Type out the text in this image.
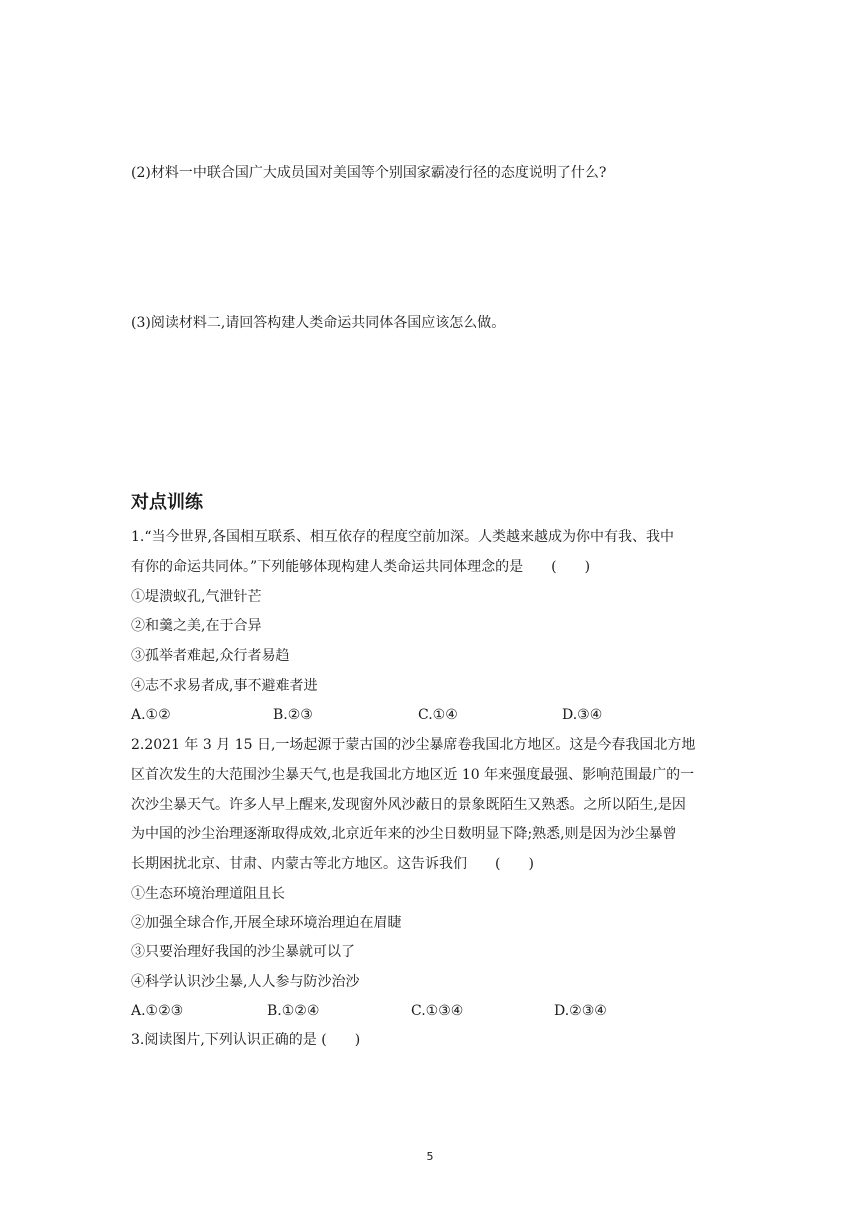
(2)材料一中联合国广大成员国对美国等个别国家霸凌行径的态度说明了什么?
(3)阅读材料二,请回答构建人类命运共同体各国应该怎么做。
对点训练
1.“当今世界,各国相互联系、相互依存的程度空前加深。人类越来越成为你中有我、我中
有你的命运共同体。”下列能够体现构建人类命运共同体理念的是　　(　　)
①堤溃蚁孔,气泄针芒
②和羹之美,在于合异
③孤举者难起,众行者易趋
④志不求易者成,事不避难者进
A.①②	B.②③	C.①④	D.③④
2.2021 年 3 月 15 日,一场起源于蒙古国的沙尘暴席卷我国北方地区。这是今春我国北方地
区首次发生的大范围沙尘暴天气,也是我国北方地区近 10 年来强度最强、影响范围最广的一
次沙尘暴天气。许多人早上醒来,发现窗外风沙蔽日的景象既陌生又熟悉。之所以陌生,是因
为中国的沙尘治理逐渐取得成效,北京近年来的沙尘日数明显下降;熟悉,则是因为沙尘暴曾
长期困扰北京、甘肃、内蒙古等北方地区。这告诉我们　　(　　)
①生态环境治理道阻且长
②加强全球合作,开展全球环境治理迫在眉睫
③只要治理好我国的沙尘暴就可以了
④科学认识沙尘暴,人人参与防沙治沙
A.①②③	B.①②④	C.①③④	D.②③④
3.阅读图片,下列认识正确的是 (　　)
5
